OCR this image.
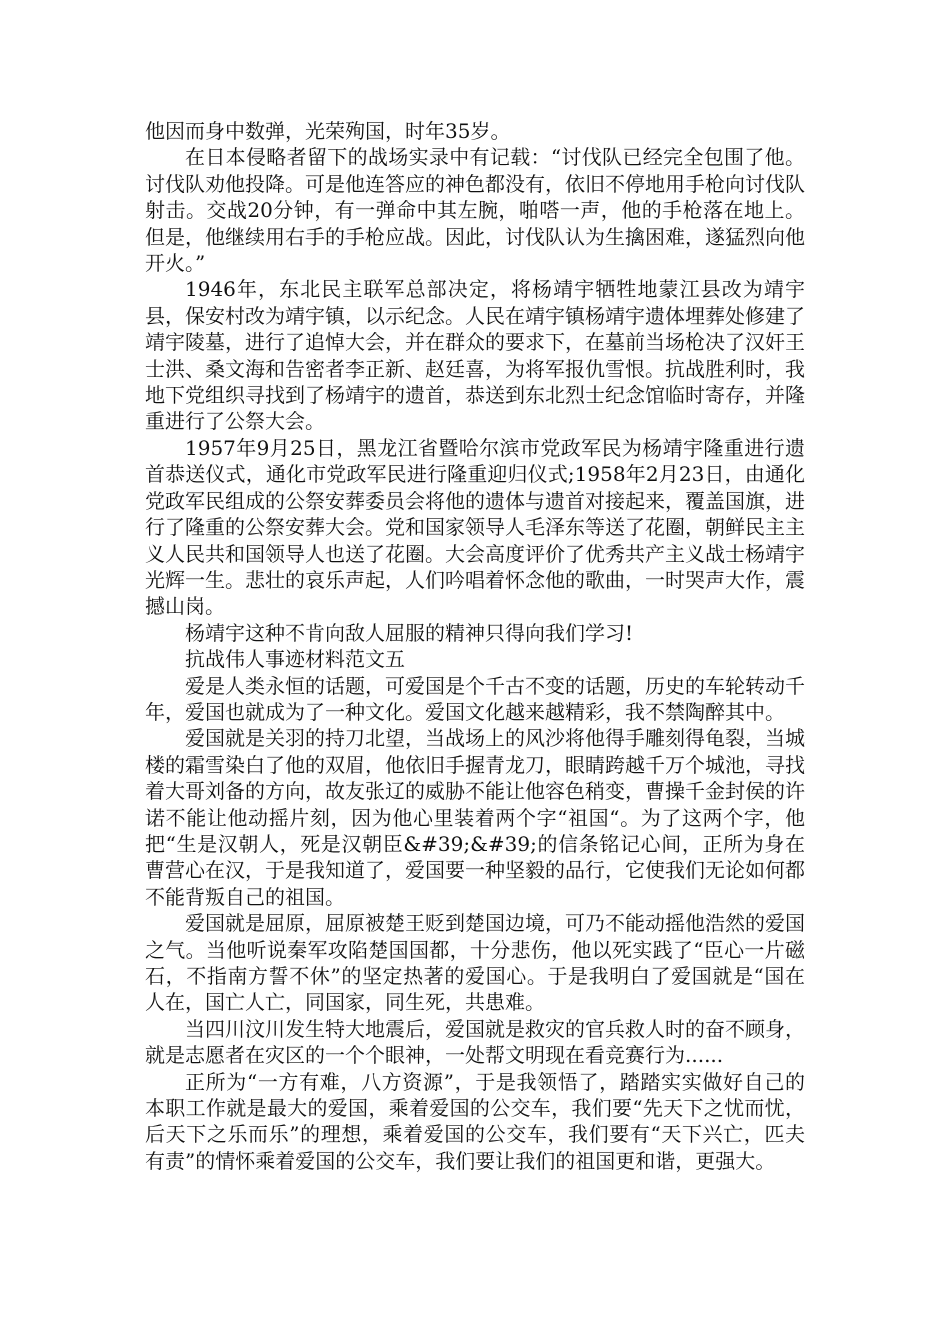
他因而身中数弹，光荣殉国，时年35岁。

在日本侵略者留下的战场实录中有记载：“讨伐队已经完全包围了他。讨伐队劝他投降。可是他连答应的神色都没有，依旧不停地用手枪向讨伐队射击。交战20分钟，有一弹命中其左腕，啪嗒一声，他的手枪落在地上。但是，他继续用右手的手枪应战。因此，讨伐队认为生擒困难，遂猛烈向他开火。”

1946年，东北民主联军总部决定，将杨靖宇牺牲地蒙江县改为靖宇县，保安村改为靖宇镇，以示纪念。人民在靖宇镇杨靖宇遗体埋葬处修建了靖宇陵墓，进行了追悼大会，并在群众的要求下，在墓前当场枪决了汉奸王士洪、桑文海和告密者李正新、赵廷喜，为将军报仇雪恨。抗战胜利时，我地下党组织寻找到了杨靖宇的遗首，恭送到东北烈士纪念馆临时寄存，并隆重进行了公祭大会。

1957年9月25日，黑龙江省暨哈尔滨市党政军民为杨靖宇隆重进行遗首恭送仪式，通化市党政军民进行隆重迎归仪式;1958年2月23日，由通化党政军民组成的公祭安葬委员会将他的遗体与遗首对接起来，覆盖国旗，进行了隆重的公祭安葬大会。党和国家领导人毛泽东等送了花圈，朝鲜民主主义人民共和国领导人也送了花圈。大会高度评价了优秀共产主义战士杨靖宇光辉一生。悲壮的哀乐声起，人们吟唱着怀念他的歌曲，一时哭声大作，震撼山岗。

杨靖宇这种不肯向敌人屈服的精神只得向我们学习!

抗战伟人事迹材料范文五

爱是人类永恒的话题，可爱国是个千古不变的话题，历史的车轮转动千年，爱国也就成为了一种文化。爱国文化越来越精彩，我不禁陶醉其中。

爱国就是关羽的持刀北望，当战场上的风沙将他得手雕刻得龟裂，当城楼的霜雪染白了他的双眉，他依旧手握青龙刀，眼睛跨越千万个城池，寻找着大哥刘备的方向，故友张辽的威胁不能让他容色稍变，曹操千金封侯的许诺不能让他动摇片刻，因为他心里装着两个字“祖国“。为了这两个字，他把“生是汉朝人，死是汉朝臣&#39;&#39;的信条铭记心间，正所为身在曹营心在汉，于是我知道了，爱国要一种坚毅的品行，它使我们无论如何都不能背叛自己的祖国。

爱国就是屈原，屈原被楚王贬到楚国边境，可乃不能动摇他浩然的爱国之气。当他听说秦军攻陷楚国国都，十分悲伤，他以死实践了“臣心一片磁石，不指南方誓不休”的坚定热著的爱国心。于是我明白了爱国就是“国在人在，国亡人亡，同国家，同生死，共患难。

当四川汶川发生特大地震后，爱国就是救灾的官兵救人时的奋不顾身，就是志愿者在灾区的一个个眼神，一处帮文明现在看竞赛行为......

正所为“一方有难，八方资源”，于是我领悟了，踏踏实实做好自己的本职工作就是最大的爱国，乘着爱国的公交车，我们要“先天下之忧而忧，后天下之乐而乐”的理想，乘着爱国的公交车，我们要有“天下兴亡，匹夫有责”的情怀乘着爱国的公交车，我们要让我们的祖国更和谐，更强大。
